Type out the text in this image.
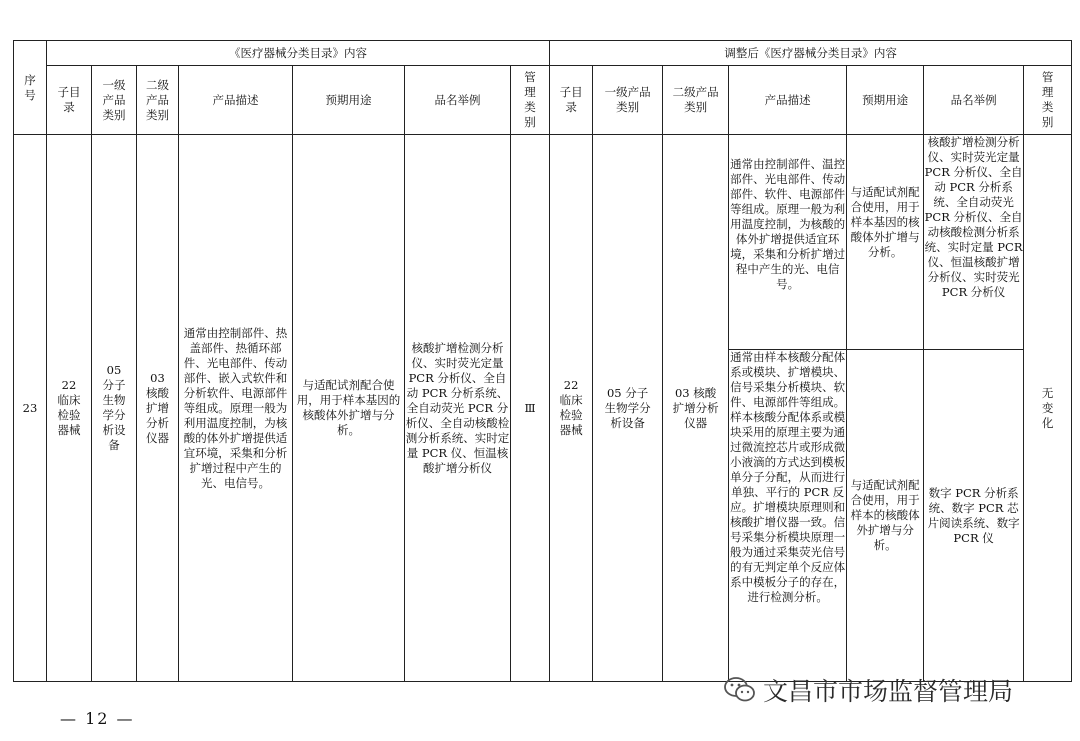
序号	《医疗器械分类目录》内容							调整后《医疗器械分类目录》内容						

	子目录	一级产品类别	二级产品类别	产品描述	预期用途	品名举例	管理类别	子目录	一级产品类别	二级产品类别	产品描述	预期用途	品名举例	管理类别

23	22 临床检验器械	05 分子生物学分析设备	03 核酸扩增分析仪器	通常由控制部件、热盖部件、热循环部件、光电部件、传动部件、嵌入式软件和分析软件、电源部件等组成。原理一般为利用温度控制，为核酸的体外扩增提供适宜环境，采集和分析扩增过程中产生的光、电信号。	与适配试剂配合使用，用于样本基因的核酸体外扩增与分析。	核酸扩增检测分析仪、实时荧光定量 PCR 分析仪、全自动 PCR 分析系统、全自动荧光 PCR 分析仪、全自动核酸检测分析系统、实时定量 PCR 仪、恒温核酸扩增分析仪	Ⅲ	22 临床检验器械	05 分子生物学分析设备	03 核酸扩增分析仪器	通常由控制部件、温控部件、光电部件、传动部件、软件、电源部件等组成。原理一般为利用温度控制，为核酸的体外扩增提供适宜环境，采集和分析扩增过程中产生的光、电信号。	与适配试剂配合使用，用于样本基因的核酸体外扩增与分析。	核酸扩增检测分析仪、实时荧光定量 PCR 分析仪、全自动 PCR 分析系统、全自动荧光 PCR 分析仪、全自动核酸检测分析系统、实时定量 PCR 仪、恒温核酸扩增分析仪、实时荧光 PCR 分析仪	无变化

											通常由样本核酸分配体系或模块、扩增模块、信号采集分析模块、软件、电源部件等组成。样本核酸分配体系或模块采用的原理主要为通过微流控芯片或形成微小液滴的方式达到模板单分子分配，从而进行单独、平行的 PCR 反应。扩增模块原理则和核酸扩增仪器一致。信号采集分析模块原理一般为通过采集荧光信号的有无判定单个反应体系中模板分子的存在，进行检测分析。	与适配试剂配合使用，用于样本的核酸体外扩增与分析。	数字 PCR 分析系统、数字 PCR 芯片阅读系统、数字 PCR 仪	
— 12 —
文昌市市场监督管理局
